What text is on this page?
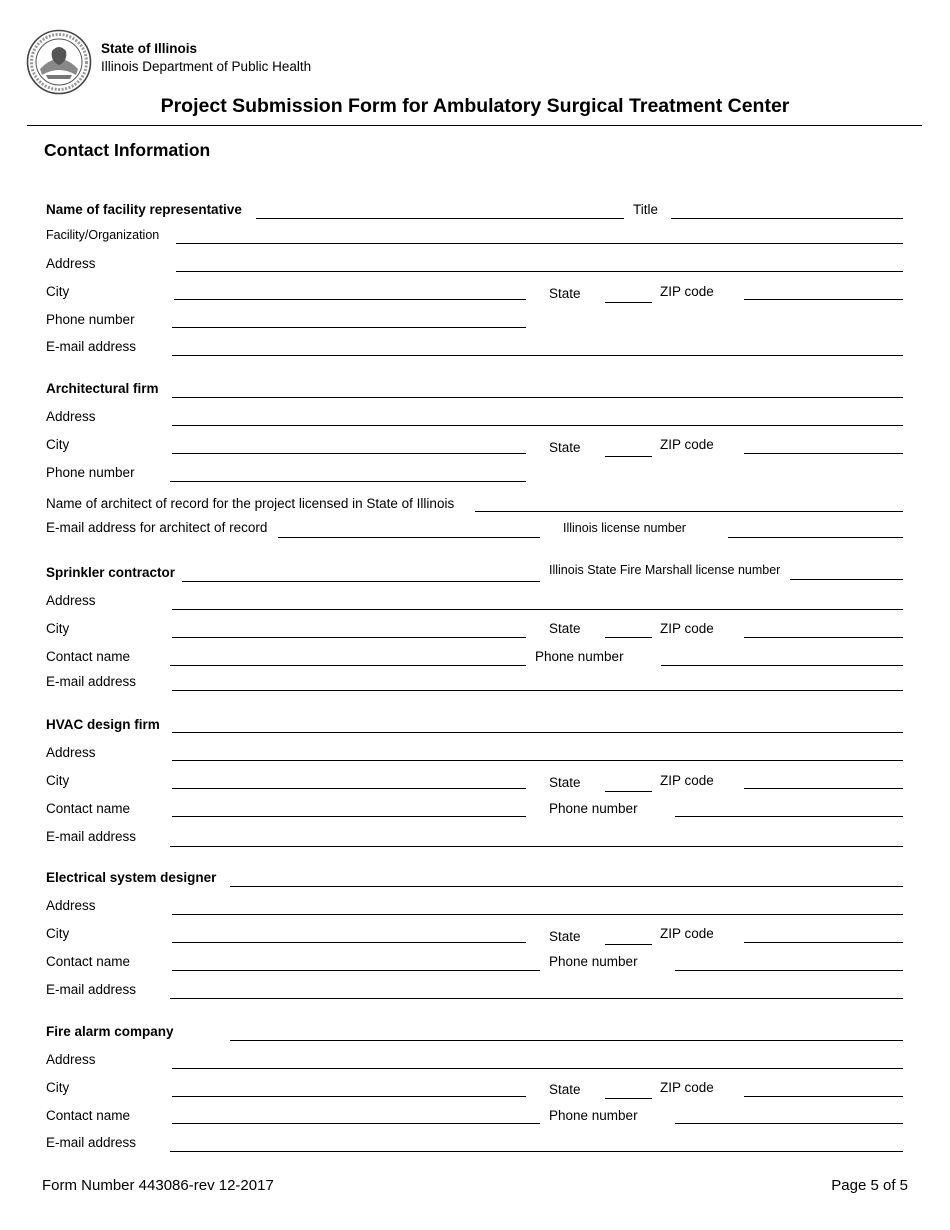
State of Illinois
Illinois Department of Public Health
Project Submission Form for Ambulatory Surgical Treatment Center
Contact Information
Name of facility representative	Title
Facility/Organization
Address
City	State	ZIP code
Phone number
E-mail address
Architectural firm
Address
City	State	ZIP code
Phone number
Name of architect of record for the project licensed in State of Illinois
E-mail address for architect of record	Illinois license number
Sprinkler contractor	Illinois State Fire Marshall license number
Address
City	State	ZIP code
Contact name	Phone number
E-mail address
HVAC design firm
Address
City	State	ZIP code
Contact name	Phone number
E-mail address
Electrical system designer
Address
City	State	ZIP code
Contact name	Phone number
E-mail address
Fire alarm company
Address
City	State	ZIP code
Contact name	Phone number
E-mail address
Form Number 443086-rev 12-2017	Page 5 of 5
